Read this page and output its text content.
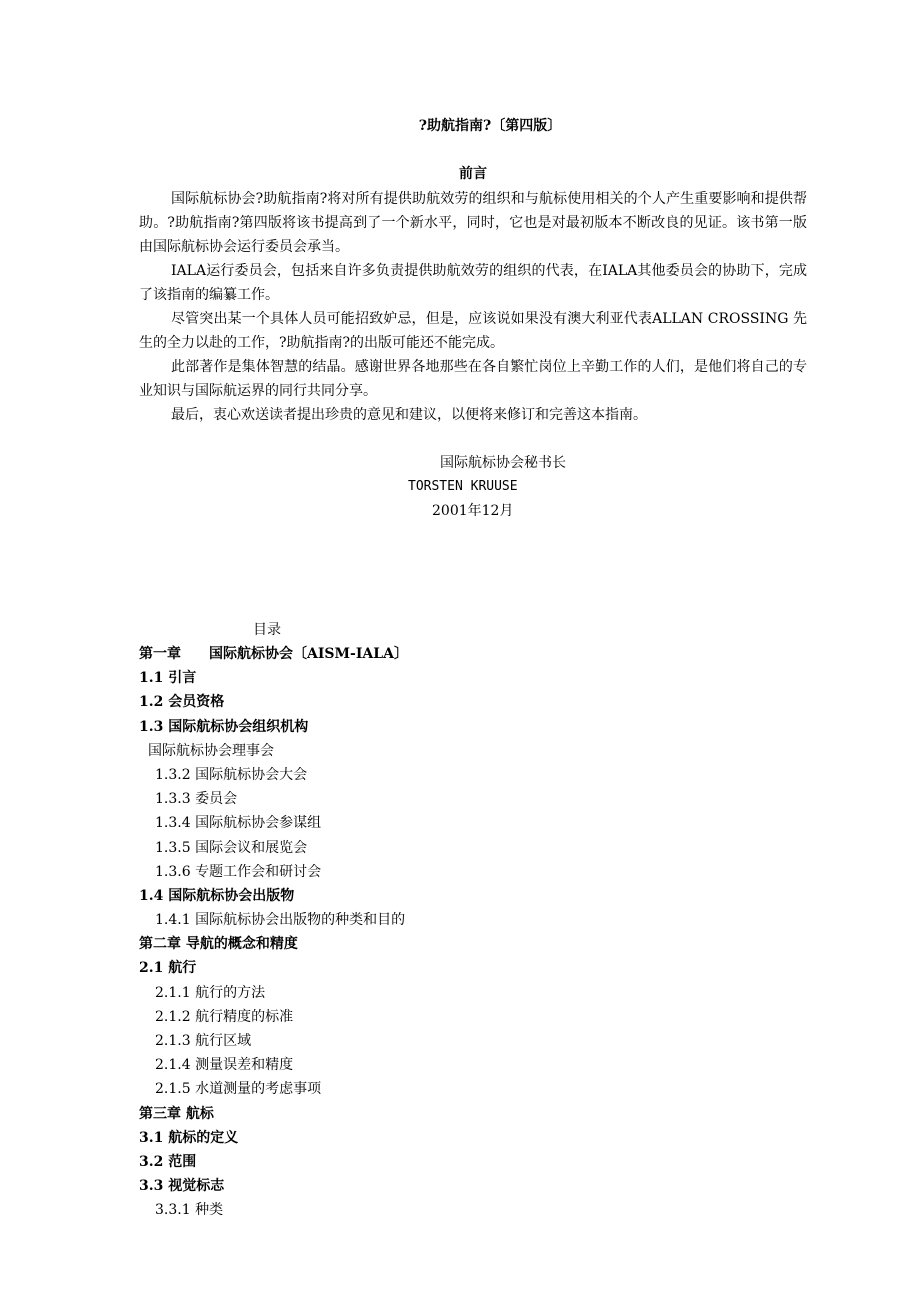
?助航指南?〔第四版〕
前言

国际航标协会?助航指南?将对所有提供助航效劳的组织和与航标使用相关的个人产生重要影响和提供帮助。?助航指南?第四版将该书提高到了一个新水平，同时，它也是对最初版本不断改良的见证。该书第一版由国际航标协会运行委员会承当。

IALA运行委员会，包括来自许多负责提供助航效劳的组织的代表，在IALA其他委员会的协助下，完成了该指南的编纂工作。

尽管突出某一个具体人员可能招致妒忌，但是，应该说如果没有澳大利亚代表ALLAN CROSSING 先生的全力以赴的工作，?助航指南?的出版可能还不能完成。

此部著作是集体智慧的结晶。感谢世界各地那些在各自繁忙岗位上辛勤工作的人们，是他们将自己的专业知识与国际航运界的同行共同分享。

最后，衷心欢送读者提出珍贵的意见和建议，以便将来修订和完善这本指南。

国际航标协会秘书长
TORSTEN KRUUSE
2001年12月
目录
第一章  国际航标协会〔AISM-IALA〕
1.1 引言
1.2 会员资格
1.3 国际航标协会组织机构
国际航标协会理事会
1.3.2 国际航标协会大会
1.3.3 委员会
1.3.4 国际航标协会参谋组
1.3.5 国际会议和展览会
1.3.6 专题工作会和研讨会
1.4 国际航标协会出版物
1.4.1 国际航标协会出版物的种类和目的
第二章 导航的概念和精度
2.1 航行
2.1.1 航行的方法
2.1.2 航行精度的标准
2.1.3 航行区域
2.1.4 测量误差和精度
2.1.5 水道测量的考虑事项
第三章 航标
3.1 航标的定义
3.2 范围
3.3 视觉标志
3.3.1 种类
